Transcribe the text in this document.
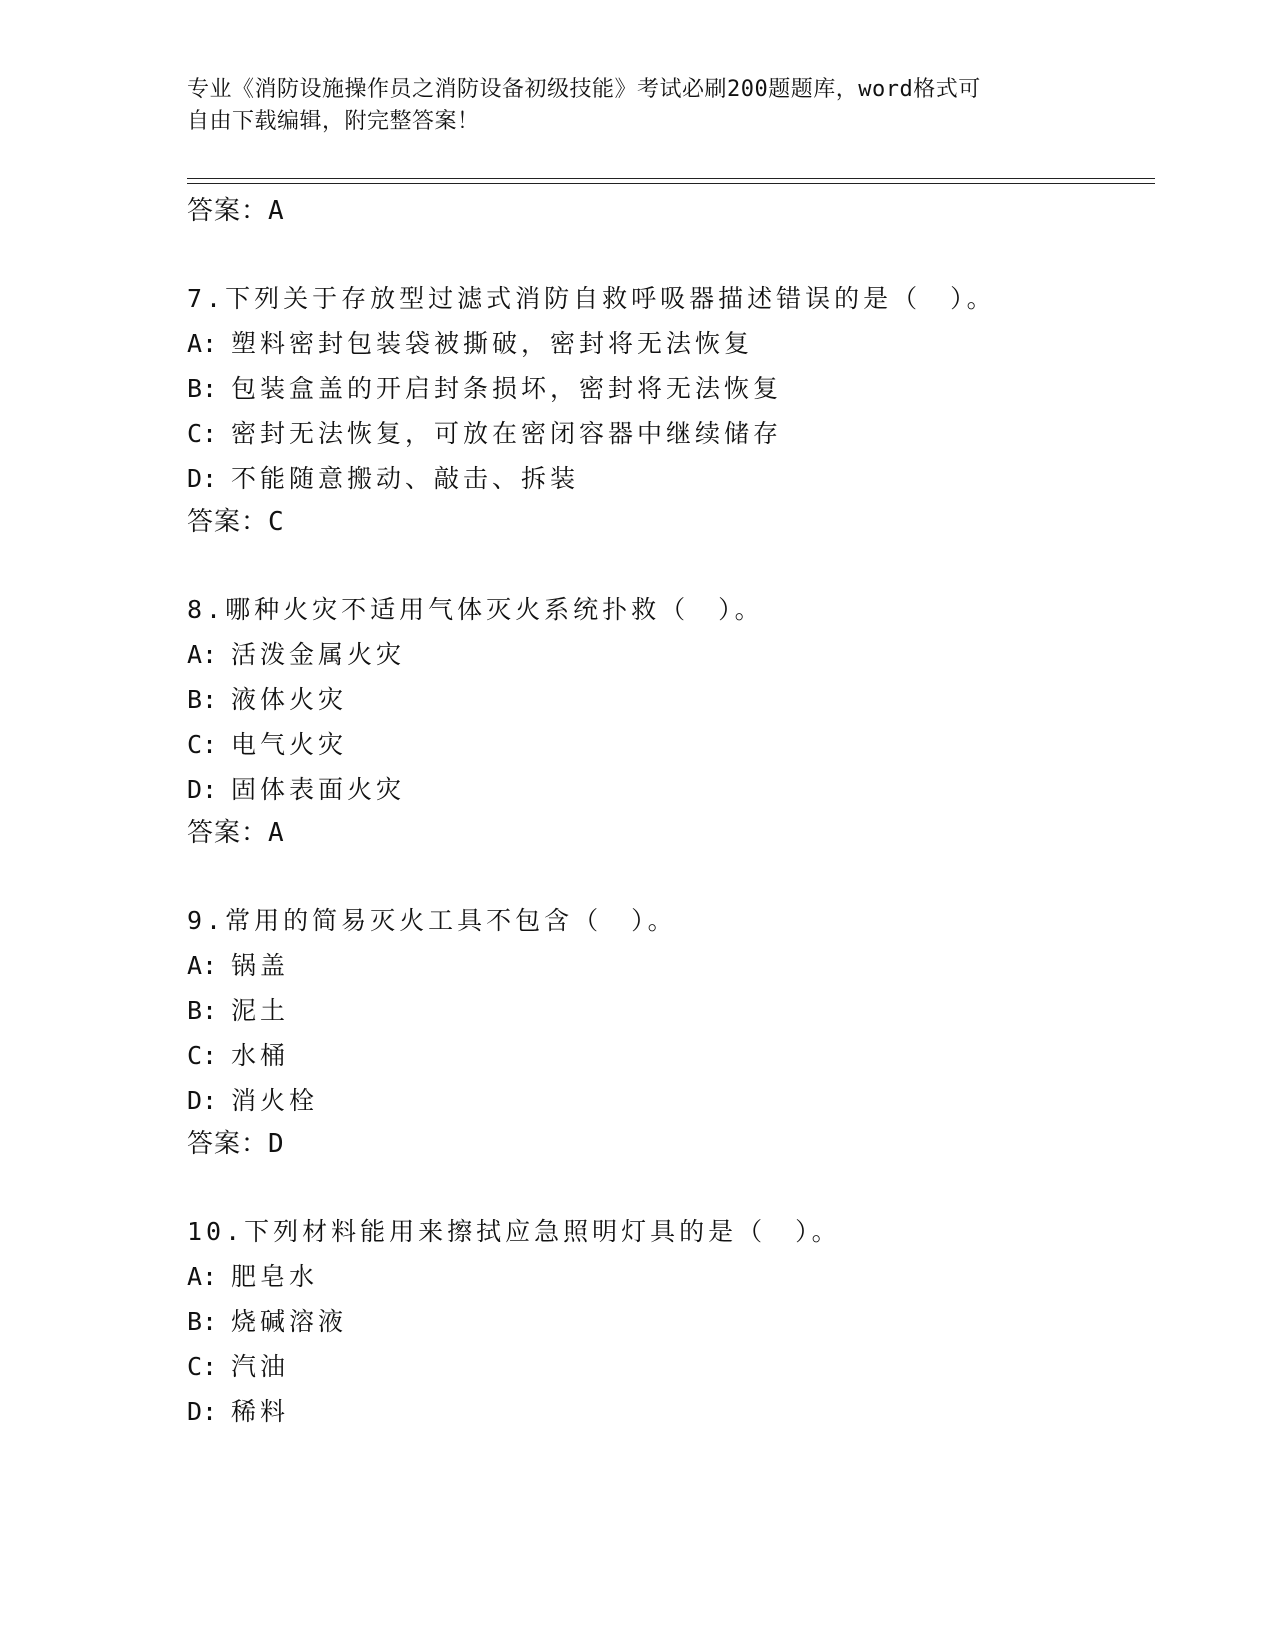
专业《消防设施操作员之消防设备初级技能》考试必刷200题题库，word格式可
自由下载编辑，附完整答案！
答案：A
7.下列关于存放型过滤式消防自救呼吸器描述错误的是（　）。
A: 塑料密封包装袋被撕破，密封将无法恢复
B: 包装盒盖的开启封条损坏，密封将无法恢复
C: 密封无法恢复，可放在密闭容器中继续储存
D: 不能随意搬动、敲击、拆装
答案：C
8.哪种火灾不适用气体灭火系统扑救（　）。
A: 活泼金属火灾
B: 液体火灾
C: 电气火灾
D: 固体表面火灾
答案：A
9.常用的简易灭火工具不包含（　）。
A: 锅盖
B: 泥土
C: 水桶
D: 消火栓
答案：D
10.下列材料能用来擦拭应急照明灯具的是（　）。
A: 肥皂水
B: 烧碱溶液
C: 汽油
D: 稀料
